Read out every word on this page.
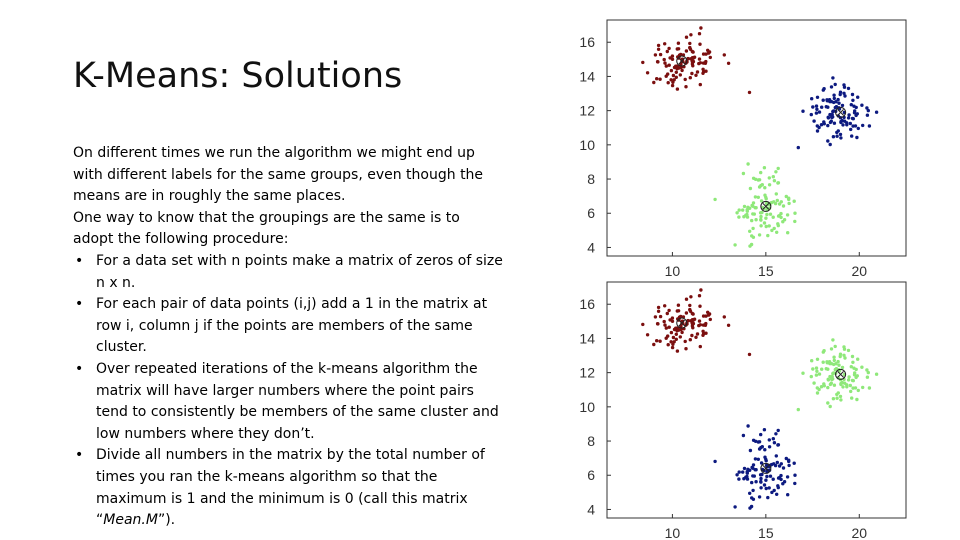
K-Means: Solutions

On different times we run the algorithm we might end up with different labels for the same groups, even though the means are in roughly the same places.

One way to know that the groupings are the same is to adopt the following procedure:

• For a data set with n points make a matrix of zeros of size n x n.
• For each pair of data points (i,j) add a 1 in the matrix at row i, column j if the points are members of the same cluster.
• Over repeated iterations of the k-means algorithm the matrix will have larger numbers where the point pairs tend to consistently be members of the same cluster and low numbers where they don’t.
• Divide all numbers in the matrix by the total number of times you ran the k-means algorithm so that the maximum is 1 and the minimum is 0 (call this matrix “Mean.M”).
4
6
8
10
12
14
16
10	15	20
4
6
8
10
12
14
16
10	15	20
